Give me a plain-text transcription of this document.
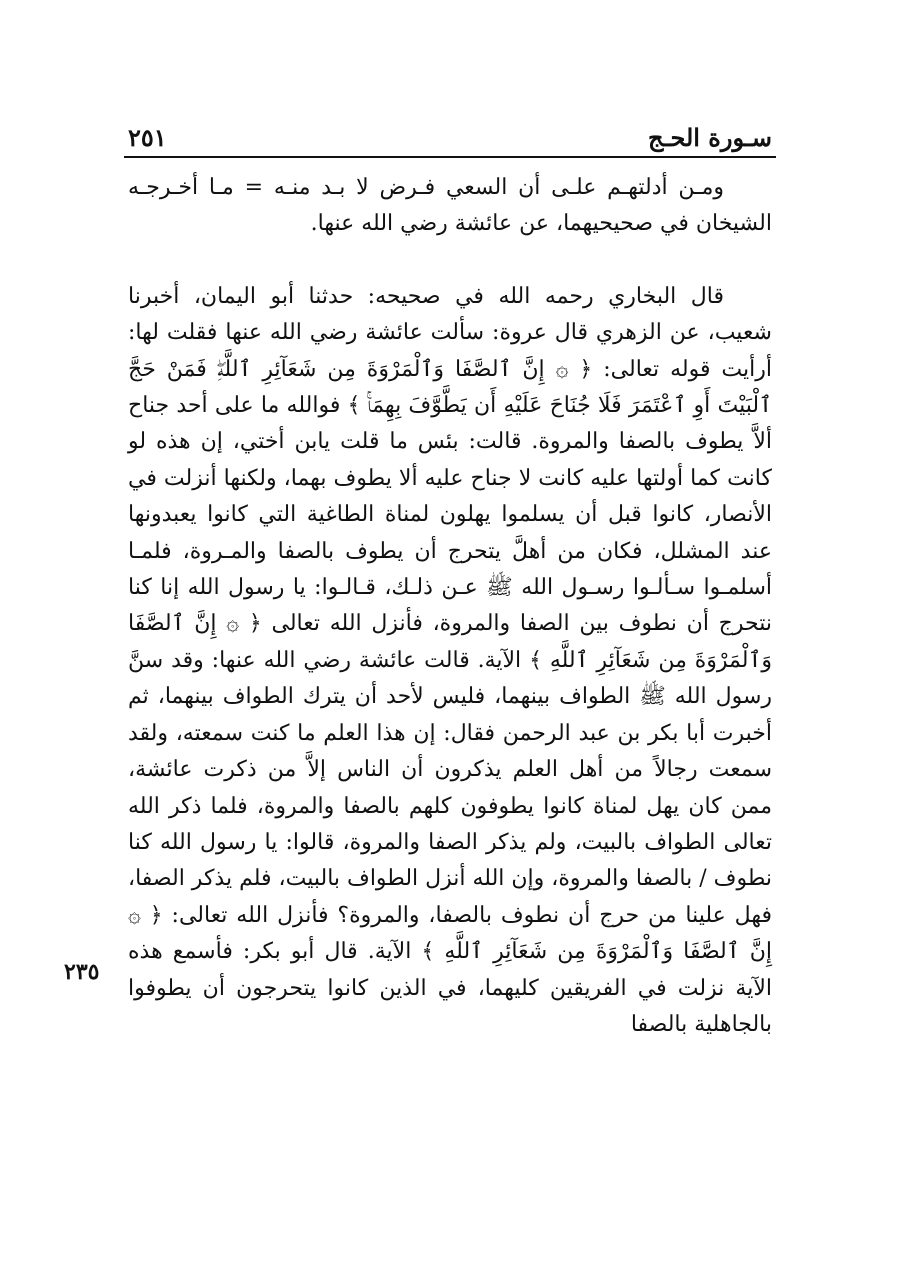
سـورة الحـج
٢٥١

ومـن أدلتهـم علـى أن السعي فـرض لا بـد منـه = مـا أخـرجـه الشيخان في صحيحيهما، عن عائشة رضي الله عنها.

قال البخاري رحمه الله في صحيحه: حدثنا أبو اليمان، أخبرنا شعيب، عن الزهري قال عروة: سألت عائشة رضي الله عنها فقلت لها: أرأيت قوله تعالى: ﴿ ۞ إِنَّ ٱلصَّفَا وَٱلْمَرْوَةَ مِن شَعَآئِرِ ٱللَّهِۖ فَمَنْ حَجَّ ٱلْبَيْتَ أَوِ ٱعْتَمَرَ فَلَا جُنَاحَ عَلَيْهِ أَن يَطَّوَّفَ بِهِمَاۚ ﴾ فوالله ما على أحد جناح ألاَّ يطوف بالصفا والمروة. قالت: بئس ما قلت يابن أختي، إن هذه لو كانت كما أولتها عليه كانت لا جناح عليه ألا يطوف بهما، ولكنها أنزلت في الأنصار، كانوا قبل أن يسلموا يهلون لمناة الطاغية التي كانوا يعبدونها عند المشلل، فكان من أهلَّ يتحرج أن يطوف بالصفا والمـروة، فلمـا أسلمـوا سـألـوا رسـول الله ﷺ عـن ذلـك، قـالـوا: يا رسول الله إنا كنا نتحرج أن نطوف بين الصفا والمروة، فأنزل الله تعالى ﴿ ۞ إِنَّ ٱلصَّفَا وَٱلْمَرْوَةَ مِن شَعَآئِرِ ٱللَّهِ ﴾ الآية. قالت عائشة رضي الله عنها: وقد سنَّ رسول الله ﷺ الطواف بينهما، فليس لأحد أن يترك الطواف بينهما، ثم أخبرت أبا بكر بن عبد الرحمن فقال: إن هذا العلم ما كنت سمعته، ولقد سمعت رجالاً من أهل العلم يذكرون أن الناس إلاَّ من ذكرت عائشة، ممن كان يهل لمناة كانوا يطوفون كلهم بالصفا والمروة، فلما ذكر الله تعالى الطواف بالبيت، ولم يذكر الصفا والمروة، قالوا: يا رسول الله كنا نطوف / بالصفا والمروة، وإن الله أنزل الطواف بالبيت، فلم يذكر الصفا، فهل علينا من حرج أن نطوف بالصفا، والمروة؟ فأنزل الله تعالى: ﴿ ۞ إِنَّ ٱلصَّفَا وَٱلْمَرْوَةَ مِن شَعَآئِرِ ٱللَّهِ ﴾ الآية. قال أبو بكر: فأسمع هذه الآية نزلت في الفريقين كليهما، في الذين كانوا يتحرجون أن يطوفوا بالجاهلية بالصفا

٢٣٥
